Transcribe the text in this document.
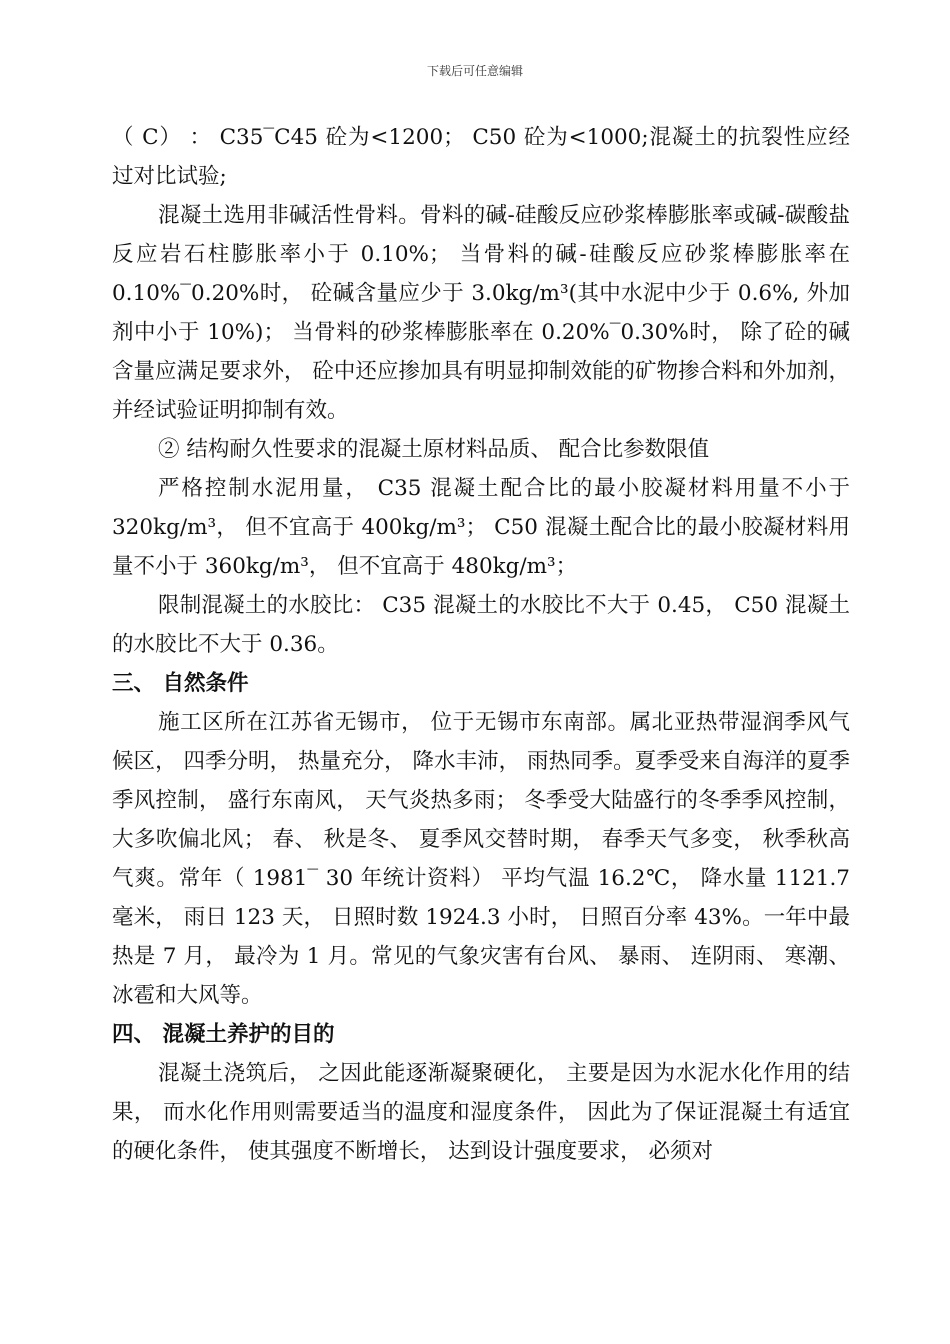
下载后可任意编辑

（ C） ： C35‾C45 砼为<1200； C50 砼为<1000;混凝土的抗裂性应经过对比试验;

混凝土选用非碱活性骨料。骨料的碱-硅酸反应砂浆棒膨胀率或碱-碳酸盐反应岩石柱膨胀率小于 0.10%； 当骨料的碱-硅酸反应砂浆棒膨胀率在 0.10%‾0.20%时， 砼碱含量应少于 3.0kg/m³(其中水泥中少于 0.6%, 外加剂中小于 10%)； 当骨料的砂浆棒膨胀率在 0.20%‾0.30%时， 除了砼的碱含量应满足要求外， 砼中还应掺加具有明显抑制效能的矿物掺合料和外加剂， 并经试验证明抑制有效。

② 结构耐久性要求的混凝土原材料品质、 配合比参数限值

严格控制水泥用量， C35 混凝土配合比的最小胶凝材料用量不小于 320kg/m³， 但不宜高于 400kg/m³； C50 混凝土配合比的最小胶凝材料用量不小于 360kg/m³， 但不宜高于 480kg/m³；

限制混凝土的水胶比： C35 混凝土的水胶比不大于 0.45， C50 混凝土的水胶比不大于 0.36。

三、 自然条件

施工区所在江苏省无锡市， 位于无锡市东南部。属北亚热带湿润季风气候区， 四季分明， 热量充分， 降水丰沛， 雨热同季。夏季受来自海洋的夏季季风控制， 盛行东南风， 天气炎热多雨； 冬季受大陆盛行的冬季季风控制， 大多吹偏北风； 春、 秋是冬、 夏季风交替时期， 春季天气多变， 秋季秋高气爽。常年（ 1981‾ 30 年统计资料） 平均气温 16.2℃， 降水量 1121.7 毫米， 雨日 123 天， 日照时数 1924.3 小时， 日照百分率 43%。一年中最热是 7 月， 最冷为 1 月。常见的气象灾害有台风、 暴雨、 连阴雨、 寒潮、 冰雹和大风等。

四、 混凝土养护的目的

混凝土浇筑后， 之因此能逐渐凝聚硬化， 主要是因为水泥水化作用的结果， 而水化作用则需要适当的温度和湿度条件， 因此为了保证混凝土有适宜的硬化条件， 使其强度不断增长， 达到设计强度要求， 必须对
